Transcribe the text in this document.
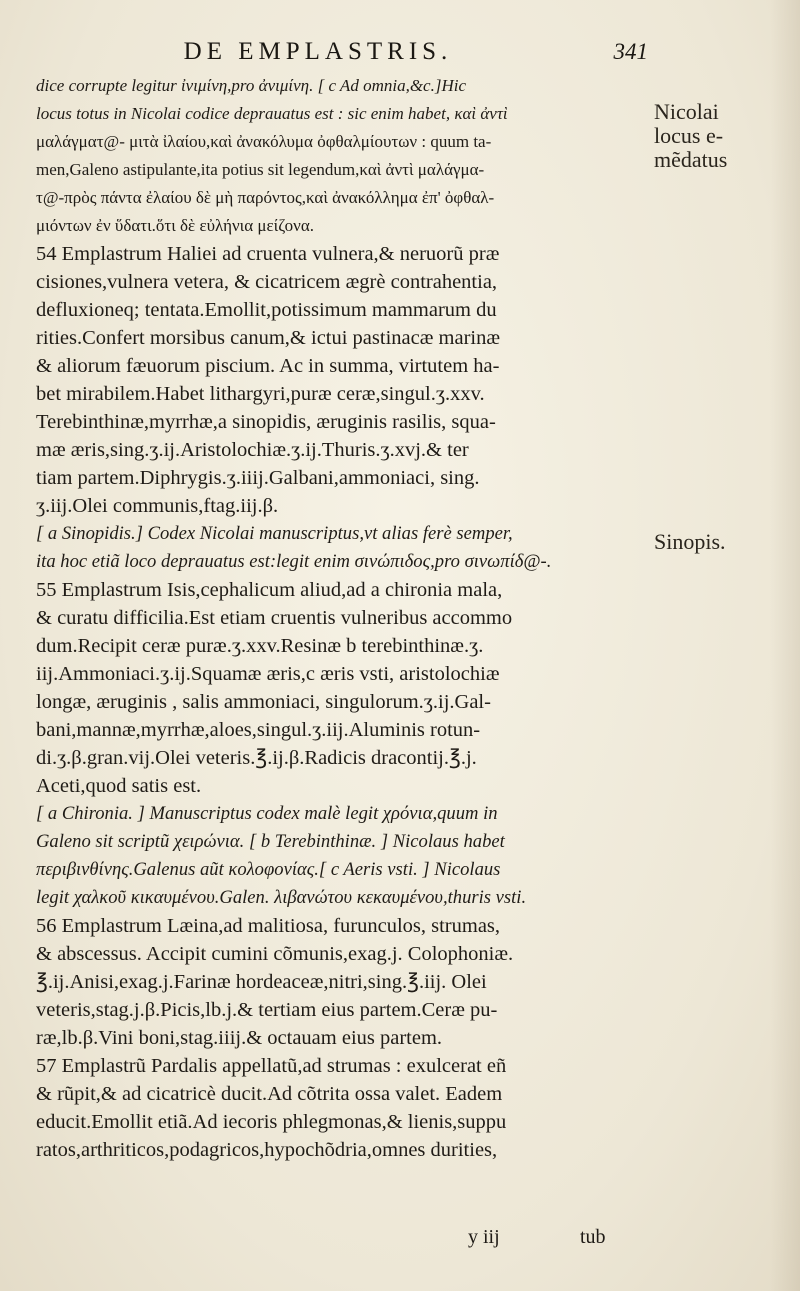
DE EMPLASTRIS.	341
dice corrupte legitur ἰνιμίνη,pro ἀνιμίνη. [ c Ad omnia,&c.]Hic
locus totus in Nicolai codice deprauatus est : sic enim habet, καὶ ἀντὶ
μαλάγματ@- μιτὰ ἰλαίου,καὶ ἀνακόλυμα ὀφθαλμίουτων : quum ta-
men,Galeno astipulante,ita potius sit legendum,καὶ ἀντὶ μαλάγμα-
τ@-πρὸς πάντα ἐλαίου δὲ μὴ παρόντος,καὶ ἀνακόλλημα ἐπ' ὀφθαλ-
μιόντων ἐν ὕδατι.ὅτι δὲ εὐλήνια μείζονα.
54 Emplastrum Haliei ad cruenta vulnera,& neruorũ præ
cisiones,vulnera vetera, & cicatricem ægrè contrahentia,
defluxioneq; tentata.Emollit,potissimum mammarum du
rities.Confert morsibus canum,& ictui pastinacæ marinæ
& aliorum fæuorum piscium. Ac in summa, virtutem ha-
bet mirabilem.Habet lithargyri,puræ ceræ,singul.ʒ.xxv.
Terebinthinæ,myrrhæ,a sinopidis, æruginis rasilis, squa-
mæ æris,sing.ʒ.ij.Aristolochiæ.ʒ.ij.Thuris.ʒ.xvj.& ter
tiam partem.Diphrygis.ʒ.iiij.Galbani,ammoniaci, sing.
ʒ.iij.Olei communis,ftag.iij.β.
[ a Sinopidis.] Codex Nicolai manuscriptus,vt alias ferè semper,
ita hoc etiã loco deprauatus est:legit enim σινώπιδος,pro σινωπίδ@-.
55 Emplastrum Isis,cephalicum aliud,ad a chironia mala,
& curatu difficilia.Est etiam cruentis vulneribus accommo
dum.Recipit ceræ puræ.ʒ.xxv.Resinæ b terebinthinæ.ʒ.
iij.Ammoniaci.ʒ.ij.Squamæ æris,c æris vsti, aristolochiæ
longæ, æruginis , salis ammoniaci, singulorum.ʒ.ij.Gal-
bani,mannæ,myrrhæ,aloes,singul.ʒ.iij.Aluminis rotun-
di.ʒ.β.gran.vij.Olei veteris.℥.ij.β.Radicis dracontij.℥.j.
Aceti,quod satis est.
[ a Chironia. ] Manuscriptus codex malè legit χρόνια,quum in
Galeno sit scriptũ χειρώνια. [ b Terebinthinæ. ] Nicolaus habet
περιβινθίνης.Galenus aũt κολοφονίας.[ c Aeris vsti. ] Nicolaus
legit χαλκοῦ κικαυμένου.Galen. λιβανώτου κεκαυμένου,thuris vsti.
56 Emplastrum Læina,ad malitiosa, furunculos, strumas,
& abscessus. Accipit cumini cõmunis,exag.j. Colophoniæ.
℥.ij.Anisi,exag.j.Farinæ hordeaceæ,nitri,sing.℥.iij. Olei
veteris,stag.j.β.Picis,lb.j.& tertiam eius partem.Ceræ pu-
ræ,lb.β.Vini boni,stag.iiij.& octauam eius partem.
57 Emplastrũ Pardalis appellatũ,ad strumas : exulcerat eñ
& rũpit,& ad cicatricè ducit.Ad cõtrita ossa valet. Eadem
educit.Emollit etiã.Ad iecoris phlegmonas,& lienis,suppu
ratos,arthriticos,podagricos,hypochõdria,omnes durities,
Nicolai
locus e-
mẽdatus
Sinopis.
y iij	tub
